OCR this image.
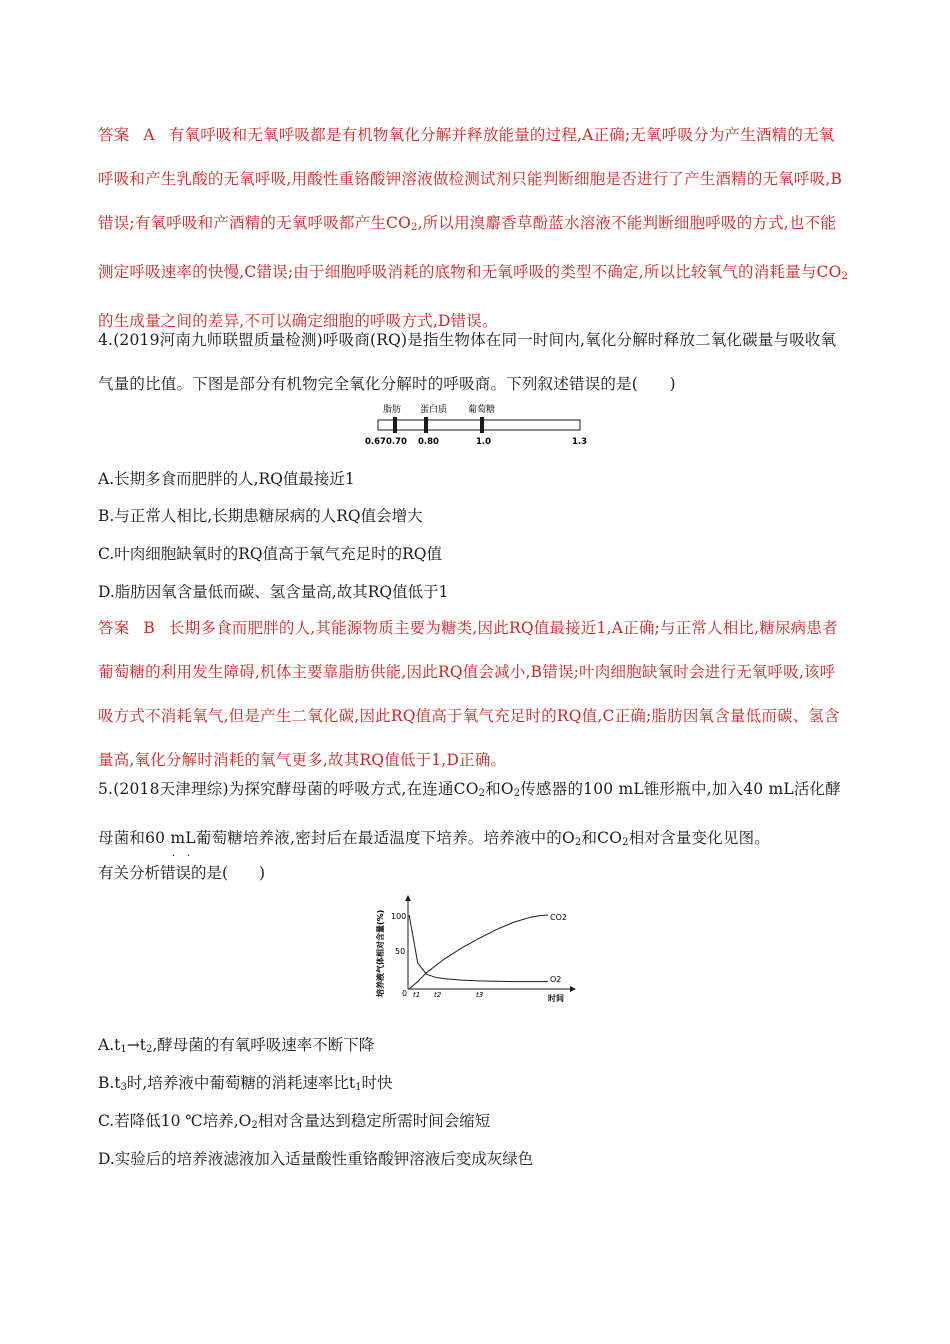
答案 A 有氧呼吸和无氧呼吸都是有机物氧化分解并释放能量的过程,A正确;无氧呼吸分为产生酒精的无氧呼吸和产生乳酸的无氧呼吸,用酸性重铬酸钾溶液做检测试剂只能判断细胞是否进行了产生酒精的无氧呼吸,B错误;有氧呼吸和产酒精的无氧呼吸都产生$CO_2$,所以用溴麝香草酚蓝水溶液不能判断细胞呼吸的方式,也不能测定呼吸速率的快慢,C错误;由于细胞呼吸消耗的底物和无氧呼吸的类型不确定,所以比较氧气的消耗量与$CO_2$的生成量之间的差异,不可以确定细胞的呼吸方式,D错误。

4.(2019河南九师联盟质量检测)呼吸商(RQ)是指生物体在同一时间内,氧化分解时释放二氧化碳量与吸收氧气量的比值。下图是部分有机物完全氧化分解时的呼吸商。下列叙述错误的是(　　)

脂肪 蛋白质 葡萄糖
0.67 0.70 0.80	1.0	1.3

A.长期多食而肥胖的人,RQ值最接近1

B.与正常人相比,长期患糖尿病的人RQ值会增大

C.叶肉细胞缺氧时的RQ值高于氧气充足时的RQ值

D.脂肪因氧含量低而碳、氢含量高,故其RQ值低于1

答案 B 长期多食而肥胖的人,其能源物质主要为糖类,因此RQ值最接近1,A正确;与正常人相比,糖尿病患者葡萄糖的利用发生障碍,机体主要靠脂肪供能,因此RQ值会减小,B错误;叶肉细胞缺氧时会进行无氧呼吸,该呼吸方式不消耗氧气,但是产生二氧化碳,因此RQ值高于氧气充足时的RQ值,C正确;脂肪因氧含量低而碳、氢含量高,氧化分解时消耗的氧气更多,故其RQ值低于1,D正确。

5.(2018天津理综)为探究酵母菌的呼吸方式,在连通$CO_2$和$O_2$传感器的100 mL锥形瓶中,加入40 mL活化酵母菌和60 mL葡萄糖培养液,密封后在最适温度下培养。培养液中的$O_2$和$CO_2$相对含量变化见图。

· ·

有关分析错误的是(　　)

培养液气体相对含量(%) 100
50
0 t1 t2	t3	时间
CO2
O2

$A.t_1\to t_2$,酵母菌的有氧呼吸速率不断下降

$B.t_3$时,培养液中葡萄糖的消耗速率比$t_1$时快

C.若降低10 ℃培养$,O_2$相对含量达到稳定所需时间会缩短

D.实验后的培养液滤液加入适量酸性重铬酸钾溶液后变成灰绿色
